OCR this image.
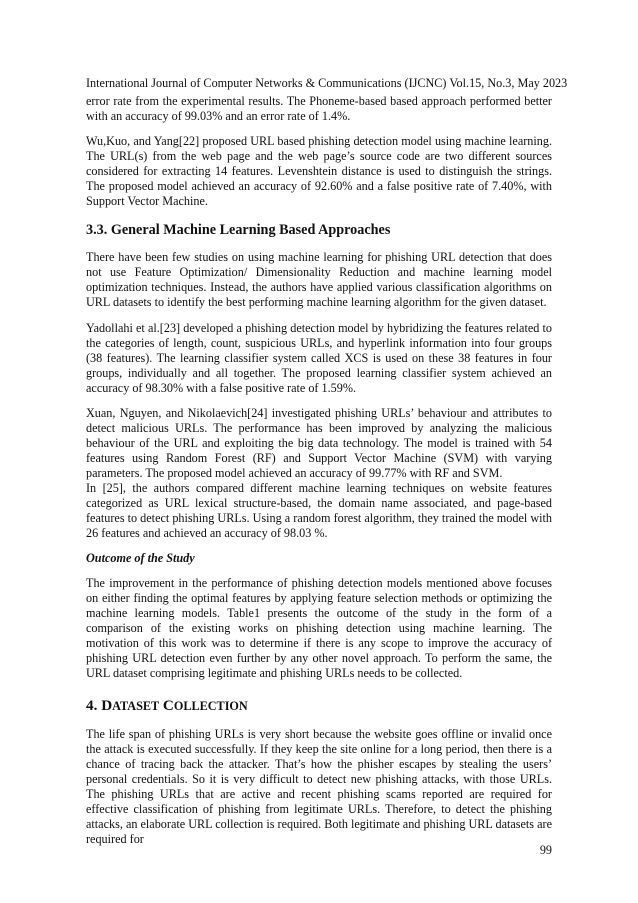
International Journal of Computer Networks & Communications (IJCNC) Vol.15, No.3, May 2023

error rate from the experimental results. The Phoneme-based based approach performed better with an accuracy of 99.03% and an error rate of 1.4%.

Wu,Kuo, and Yang[22] proposed URL based phishing detection model using machine learning. The URL(s) from the web page and the web page’s source code are two different sources considered for extracting 14 features. Levenshtein distance is used to distinguish the strings. The proposed model achieved an accuracy of 92.60% and a false positive rate of 7.40%, with Support Vector Machine.

3.3. General Machine Learning Based Approaches

There have been few studies on using machine learning for phishing URL detection that does not use Feature Optimization/ Dimensionality Reduction and machine learning model optimization techniques. Instead, the authors have applied various classification algorithms on URL datasets to identify the best performing machine learning algorithm for the given dataset.

Yadollahi et al.[23] developed a phishing detection model by hybridizing the features related to the categories of length, count, suspicious URLs, and hyperlink information into four groups (38 features). The learning classifier system called XCS is used on these 38 features in four groups, individually and all together. The proposed learning classifier system achieved an accuracy of 98.30% with a false positive rate of 1.59%.

Xuan, Nguyen, and Nikolaevich[24] investigated phishing URLs’ behaviour and attributes to detect malicious URLs. The performance has been improved by analyzing the malicious behaviour of the URL and exploiting the big data technology. The model is trained with 54 features using Random Forest (RF) and Support Vector Machine (SVM) with varying parameters. The proposed model achieved an accuracy of 99.77% with RF and SVM.

In [25], the authors compared different machine learning techniques on website features categorized as URL lexical structure-based, the domain name associated, and page-based features to detect phishing URLs. Using a random forest algorithm, they trained the model with 26 features and achieved an accuracy of 98.03 %.

Outcome of the Study

The improvement in the performance of phishing detection models mentioned above focuses on either finding the optimal features by applying feature selection methods or optimizing the machine learning models. Table1 presents the outcome of the study in the form of a comparison of the existing works on phishing detection using machine learning. The motivation of this work was to determine if there is any scope to improve the accuracy of phishing URL detection even further by any other novel approach. To perform the same, the URL dataset comprising legitimate and phishing URLs needs to be collected.

4. DATASET COLLECTION

The life span of phishing URLs is very short because the website goes offline or invalid once the attack is executed successfully. If they keep the site online for a long period, then there is a chance of tracing back the attacker. That’s how the phisher escapes by stealing the users’ personal credentials. So it is very difficult to detect new phishing attacks, with those URLs. The phishing URLs that are active and recent phishing scams reported are required for effective classification of phishing from legitimate URLs. Therefore, to detect the phishing attacks, an elaborate URL collection is required. Both legitimate and phishing URL datasets are required for

99
